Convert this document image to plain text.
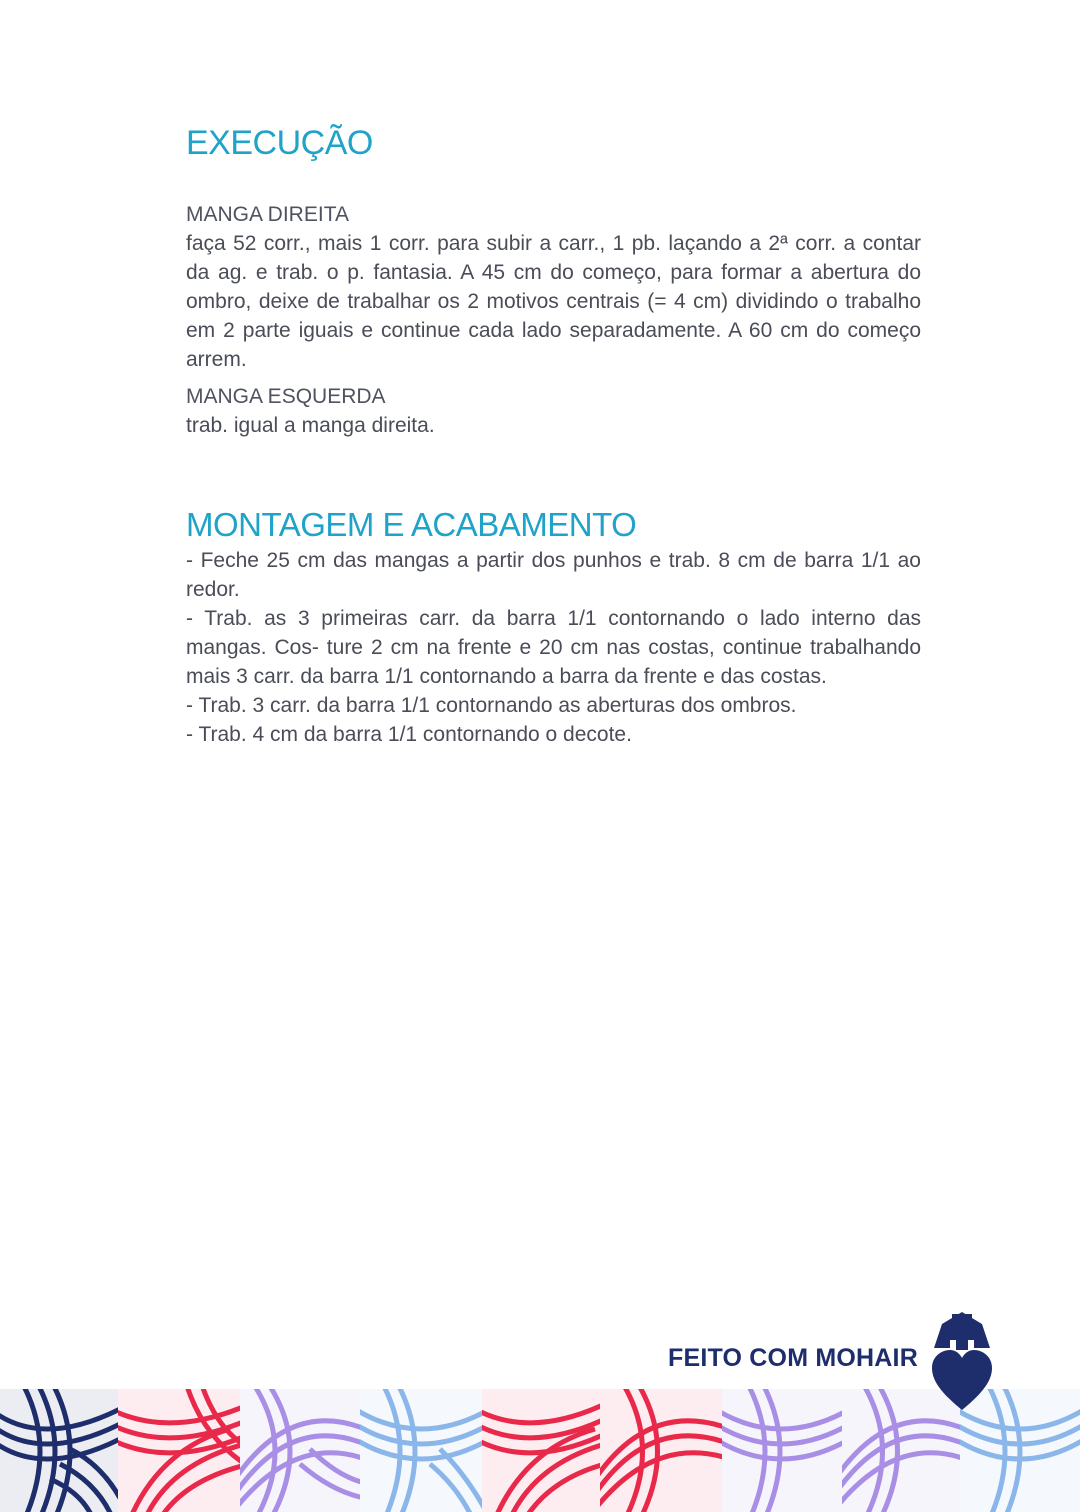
EXECUÇÃO

MANGA DIREITA

faça 52 corr., mais 1 corr. para subir a carr., 1 pb. laçando a 2ª corr. a contar da ag. e trab. o p. fantasia. A 45 cm do começo, para formar a abertura do ombro, deixe de trabalhar os 2 motivos centrais (= 4 cm) dividindo o trabalho em 2 parte iguais e continue cada lado separadamente. A 60 cm do começo arrem.

MANGA ESQUERDA

trab. igual a manga direita.

MONTAGEM E ACABAMENTO

- Feche 25 cm das mangas a partir dos punhos e trab. 8 cm de barra 1/1 ao redor.

- Trab. as 3 primeiras carr. da barra 1/1 contornando o lado interno das mangas. Cos- ture 2 cm na frente e 20 cm nas costas, continue trabalhando mais 3 carr. da barra 1/1 contornando a barra da frente e das costas.

- Trab. 3 carr. da barra 1/1 contornando as aberturas dos ombros.

- Trab. 4 cm da barra 1/1 contornando o decote.

FEITO COM MOHAIR
